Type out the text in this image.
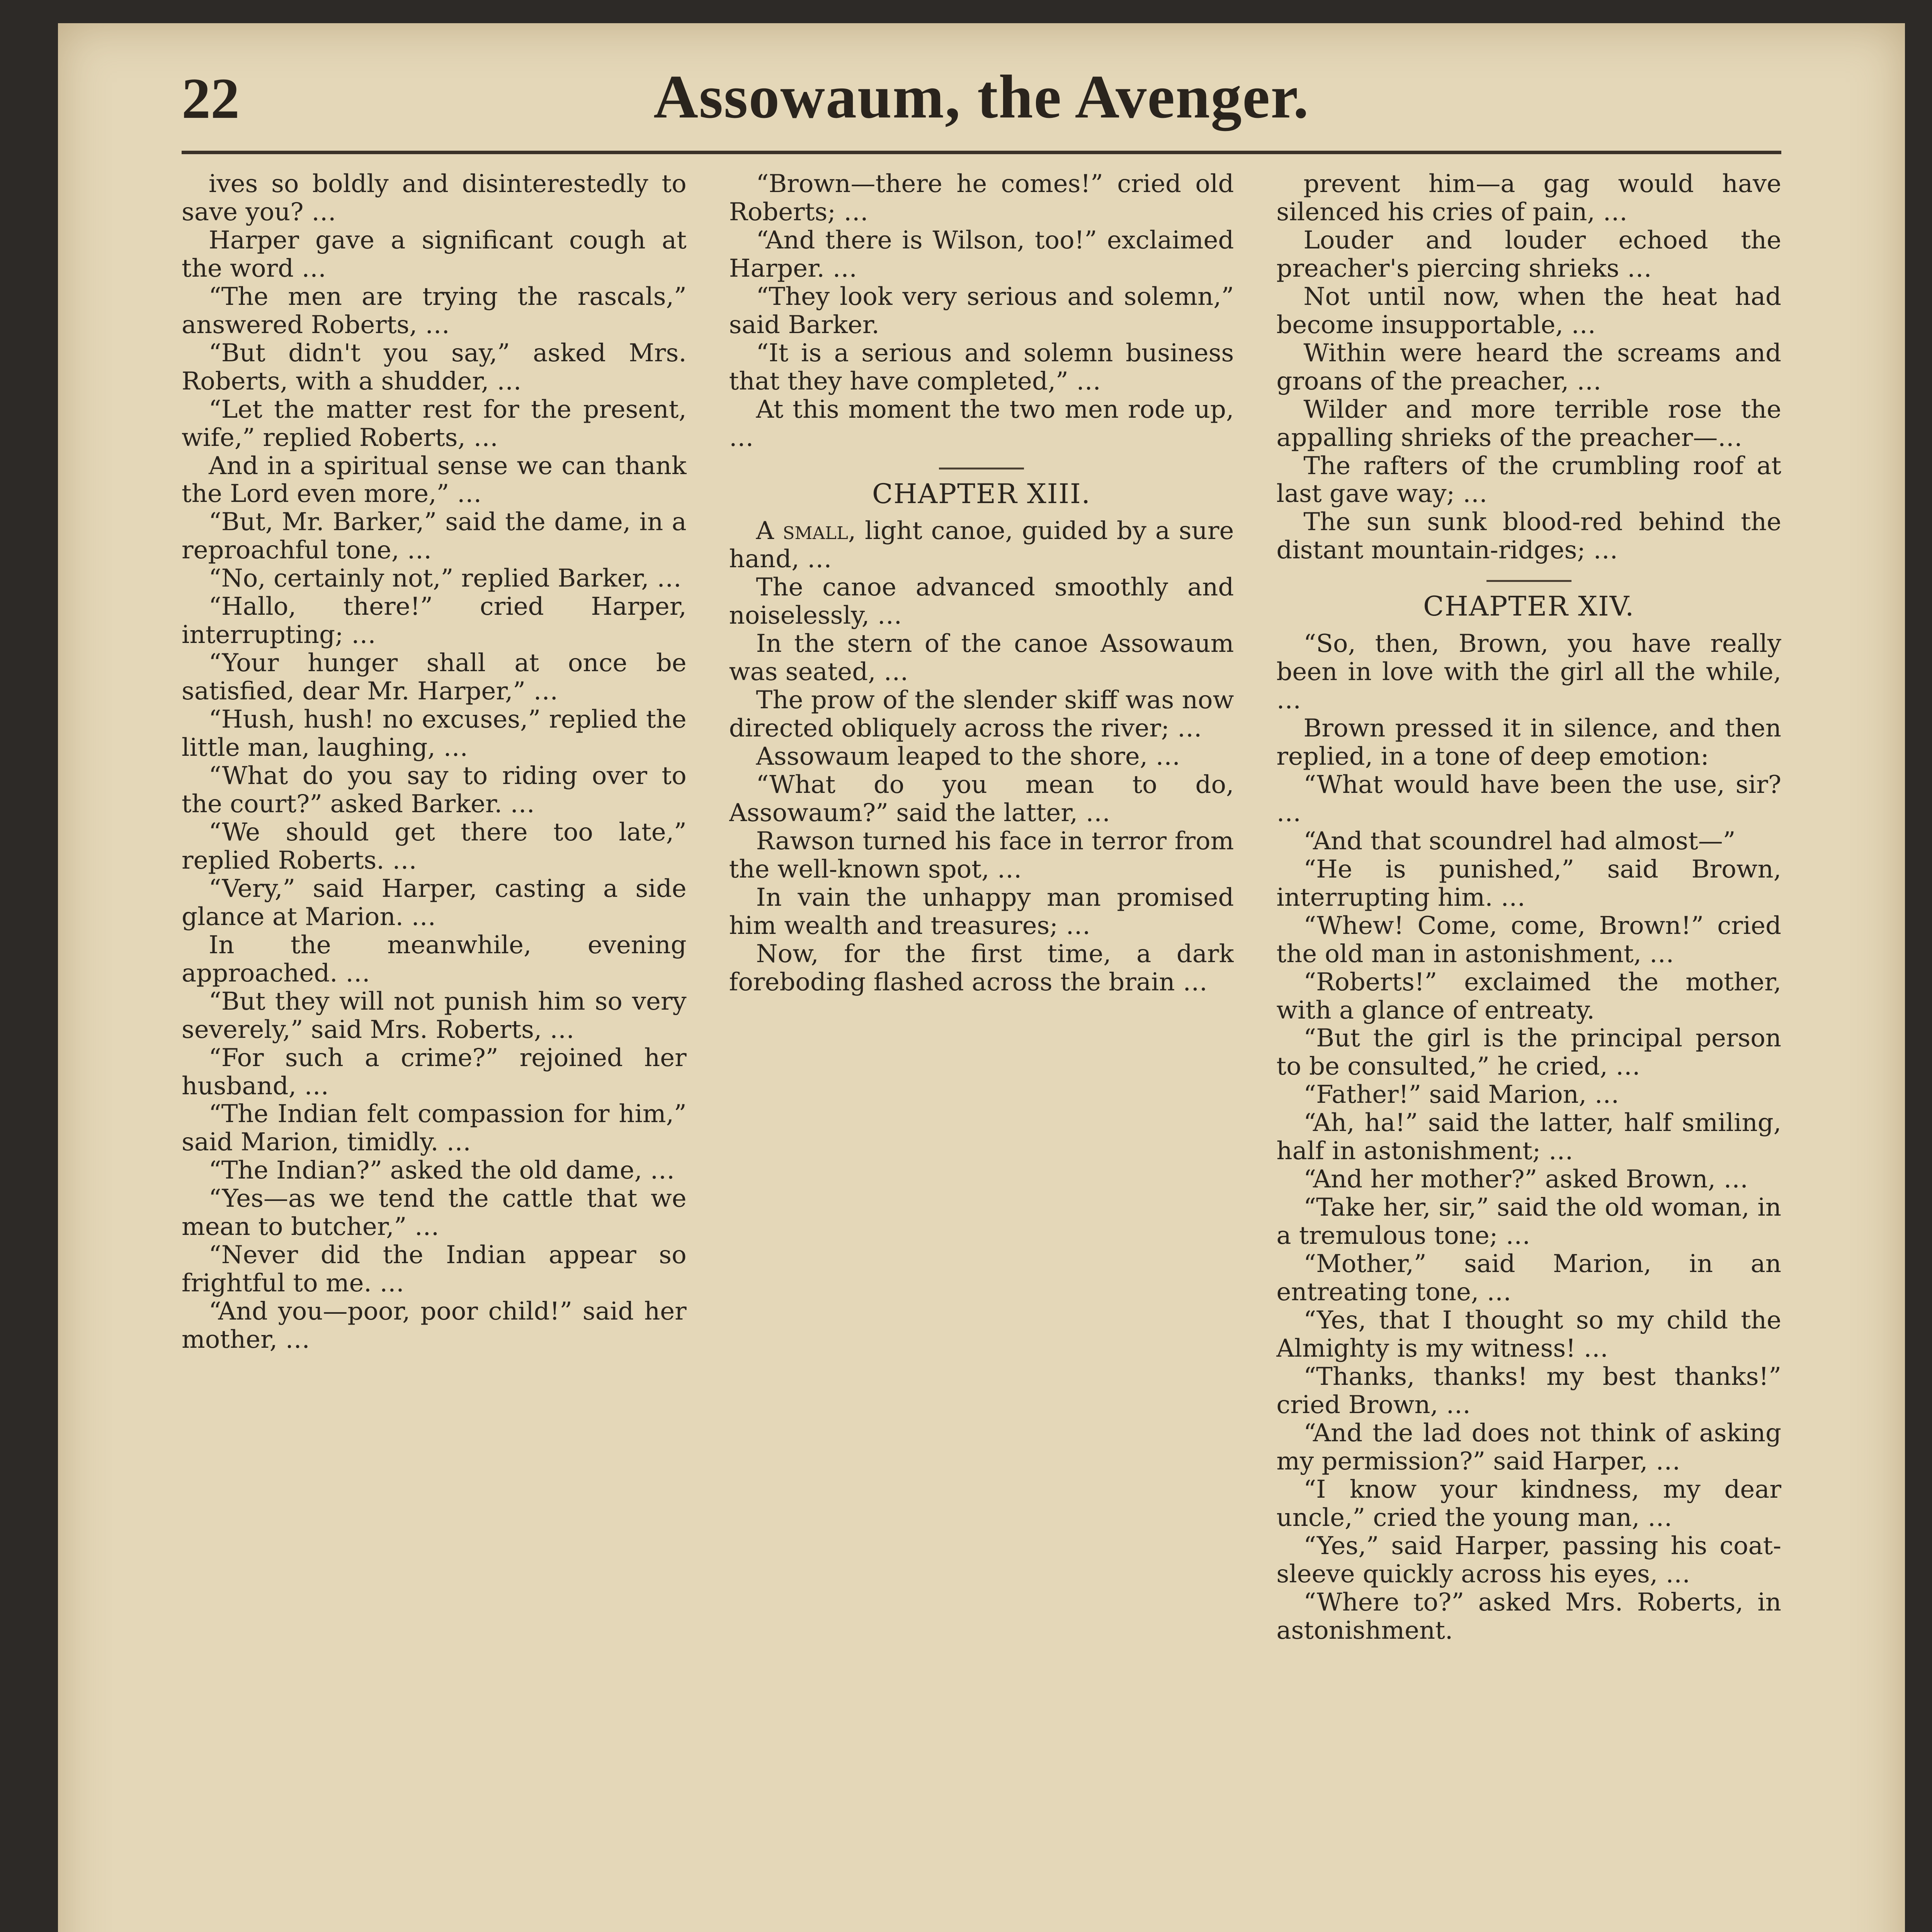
22	Assowaum, the Avenger.

ives so boldly and disinterestedly to save you? …

Harper gave a significant cough at the word …

“The men are trying the rascals,” answered Roberts, …

“But didn't you say,” asked Mrs. Roberts, with a shudder, …

“Let the matter rest for the present, wife,” replied Roberts, …

And in a spiritual sense we can thank the Lord even more,” …

“But, Mr. Barker,” said the dame, in a reproachful tone, …

“No, certainly not,” replied Barker, …

“Hallo, there!” cried Harper, interrupting; …

“Your hunger shall at once be satisfied, dear Mr. Harper,” …

“Hush, hush! no excuses,” replied the little man, laughing, …

“What do you say to riding over to the court?” asked Barker. …

“We should get there too late,” replied Roberts. …

“Very,” said Harper, casting a side glance at Marion. …

In the meanwhile, evening approached. …

“But they will not punish him so very severely,” said Mrs. Roberts, …

“For such a crime?” rejoined her husband, …

“The Indian felt compassion for him,” said Marion, timidly. …

“The Indian?” asked the old dame, …

“Yes—as we tend the cattle that we mean to butcher,” …

“Never did the Indian appear so frightful to me. …

“And you—poor, poor child!” said her mother, …

“Brown—there he comes!” cried old Roberts; …

“And there is Wilson, too!” exclaimed Harper. …

“They look very serious and solemn,” said Barker.

“It is a serious and solemn business that they have completed,” …

At this moment the two men rode up, …

CHAPTER XIII.

A small, light canoe, guided by a sure hand, …

The canoe advanced smoothly and noiselessly, …

In the stern of the canoe Assowaum was seated, …

The prow of the slender skiff was now directed obliquely across the river; …

Assowaum leaped to the shore, …

“What do you mean to do, Assowaum?” said the latter, …

Rawson turned his face in terror from the well-known spot, …

In vain the unhappy man promised him wealth and treasures; …

Now, for the first time, a dark foreboding flashed across the brain …

prevent him—a gag would have silenced his cries of pain, …

Louder and louder echoed the preacher's piercing shrieks …

Not until now, when the heat had become insupportable, …

Within were heard the screams and groans of the preacher, …

Wilder and more terrible rose the appalling shrieks of the preacher—…

The rafters of the crumbling roof at last gave way; …

The sun sunk blood-red behind the distant mountain-ridges; …

CHAPTER XIV.

“So, then, Brown, you have really been in love with the girl all the while, …

Brown pressed it in silence, and then replied, in a tone of deep emotion:

“What would have been the use, sir? …

“And that scoundrel had almost—”

“He is punished,” said Brown, interrupting him. …

“Whew! Come, come, Brown!” cried the old man in astonishment, …

“Roberts!” exclaimed the mother, with a glance of entreaty.

“But the girl is the principal person to be consulted,” he cried, …

“Father!” said Marion, …

“Ah, ha!” said the latter, half smiling, half in astonishment; …

“And her mother?” asked Brown, …

“Take her, sir,” said the old woman, in a tremulous tone; …

“Mother,” said Marion, in an entreating tone, …

“Yes, that I thought so my child the Almighty is my witness! …

“Thanks, thanks! my best thanks!” cried Brown, …

“And the lad does not think of asking my permission?” said Harper, …

“I know your kindness, my dear uncle,” cried the young man, …

“Yes,” said Harper, passing his coat-sleeve quickly across his eyes, …

“Where to?” asked Mrs. Roberts, in astonishment.
